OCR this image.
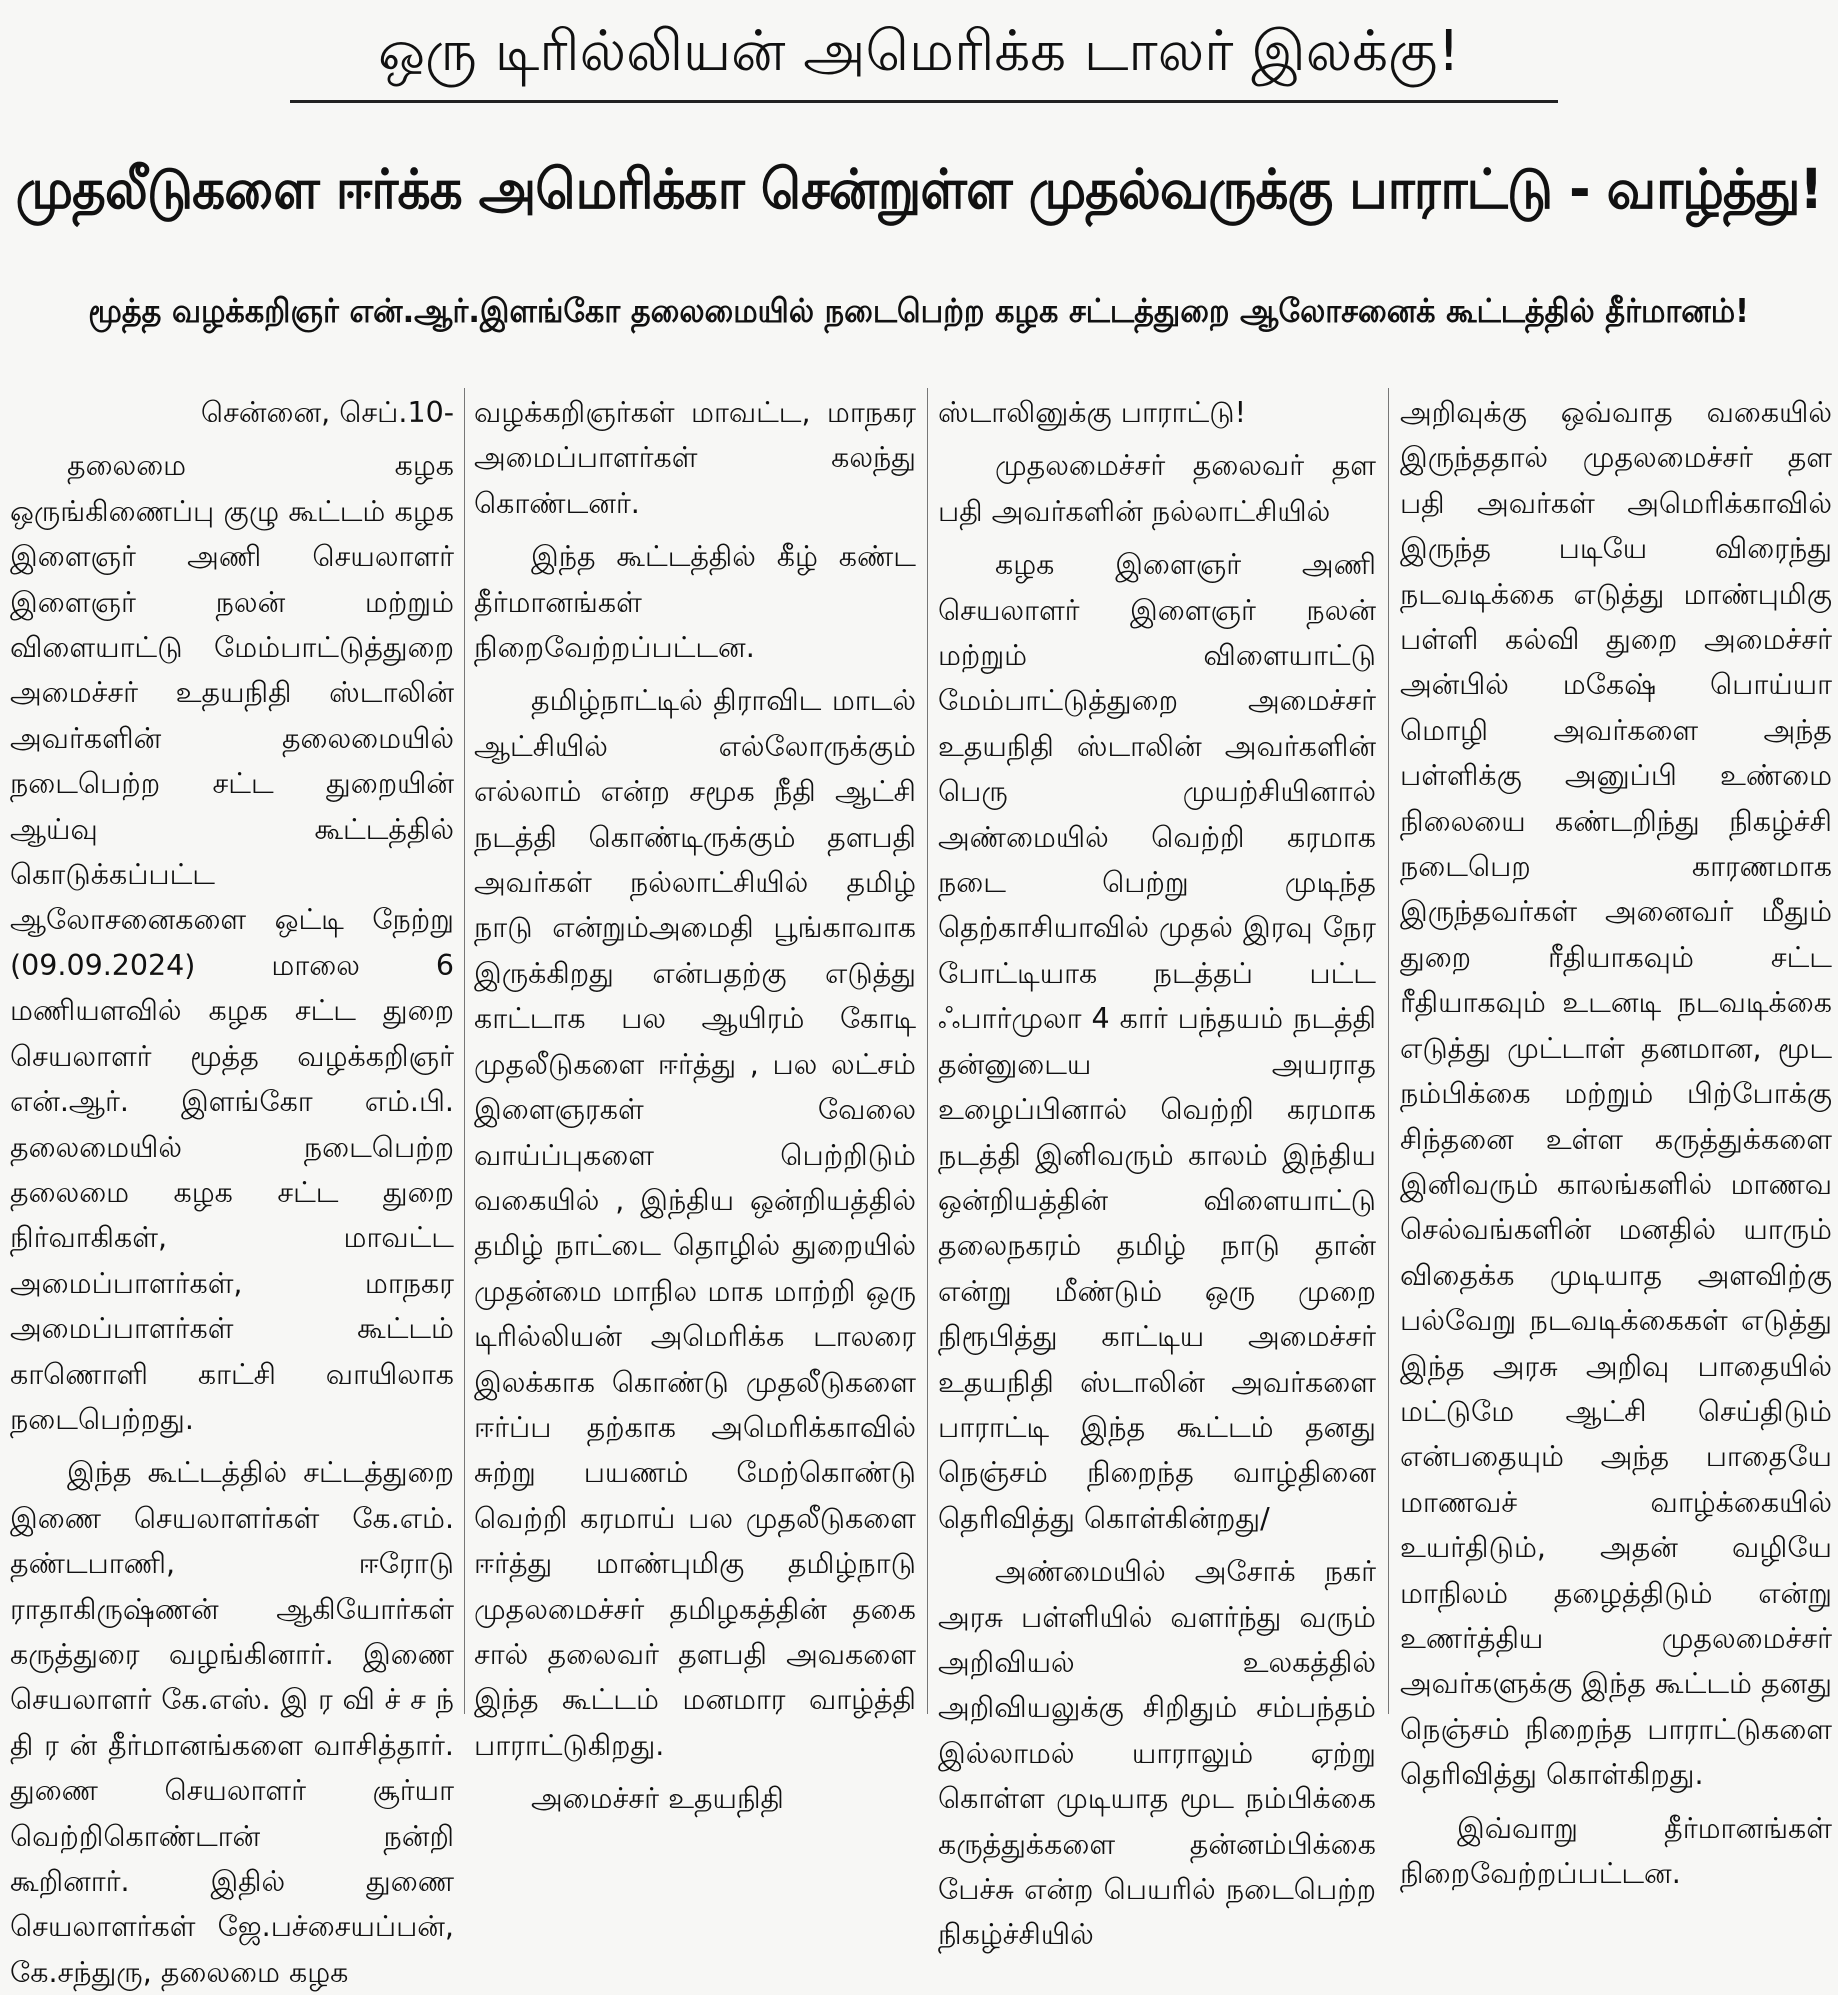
ஒரு டிரில்லியன் அமெரிக்க டாலர் இலக்கு!
முதலீடுகளை ஈர்க்க அமெரிக்கா சென்றுள்ள முதல்வருக்கு பாராட்டு - வாழ்த்து!
மூத்த வழக்கறிஞர் என்.ஆர்.இளங்கோ தலைமையில் நடைபெற்ற கழக சட்டத்துறை ஆலோசனைக் கூட்டத்தில் தீர்மானம்!

சென்னை, செப்.10-

தலைமை கழக ஒருங்கிணைப்பு குழு கூட்டம் கழக இளைஞர் அணி செயலாளர் இளைஞர் நலன் மற்றும் விளையாட்டு மேம்பாட்டுத்துறை அமைச்சர் உதயநிதி ஸ்டாலின் அவர்களின் தலைமையில் நடைபெற்ற சட்ட துறையின் ஆய்வு கூட்டத்தில் கொடுக்கப்பட்ட ஆலோசனைகளை ஒட்டி நேற்று (09.09.2024) மாலை 6 மணியளவில் கழக சட்ட துறை செயலாளர் மூத்த வழக்கறிஞர் என்.ஆர். இளங்கோ எம்.பி. தலைமையில் நடைபெற்ற தலைமை கழக சட்ட துறை நிர்வாகிகள், மாவட்ட அமைப்பாளர்கள், மாநகர அமைப்பாளர்கள் கூட்டம் காணொளி காட்சி வாயிலாக நடைபெற்றது.

இந்த கூட்டத்தில் சட்டத்துறை இணை செயலாளர்கள் கே.எம். தண்டபாணி, ஈரோடு ராதாகிருஷ்ணன் ஆகியோர்கள் கருத்துரை வழங்கினார். இணை செயலாளர் கே.எஸ். இ ர வி ச் ச ந் தி ர ன் தீர்மானங்களை வாசித்தார். துணை செயலாளர் சூர்யா வெற்றிகொண்டான் நன்றி கூறினார். இதில் துணை செயலாளர்கள் ஜே.பச்சையப்பன், கே.சந்துரு, தலைமை கழக

வழக்கறிஞர்கள் மாவட்ட, மாநகர அமைப்பாளர்கள் கலந்து கொண்டனர்.

இந்த கூட்டத்தில் கீழ் கண்ட தீர்மானங்கள் நிறைவேற்றப்பட்டன.

தமிழ்நாட்டில் திராவிட மாடல் ஆட்சியில் எல்லோருக்கும் எல்லாம் என்ற சமூக நீதி ஆட்சி நடத்தி கொண்டிருக்கும் தளபதி அவர்கள் நல்லாட்சியில் தமிழ் நாடு என்றும்அமைதி பூங்காவாக இருக்கிறது என்பதற்கு எடுத்து காட்டாக பல ஆயிரம் கோடி முதலீடுகளை ஈர்த்து , பல லட்சம் இளைஞரகள் வேலை வாய்ப்புகளை பெற்றிடும் வகையில் , இந்திய ஒன்றியத்தில் தமிழ் நாட்டை தொழில் துறையில் முதன்மை மாநில மாக மாற்றி ஒரு டிரில்லியன் அமெரிக்க டாலரை இலக்காக கொண்டு முதலீடுகளை ஈர்ப்ப தற்காக அமெரிக்காவில் சுற்று பயணம் மேற்கொண்டு வெற்றி கரமாய் பல முதலீடுகளை ஈர்த்து மாண்புமிகு தமிழ்நாடு முதலமைச்சர் தமிழகத்தின் தகை சால் தலைவர் தளபதி அவகளை இந்த கூட்டம் மனமார வாழ்த்தி பாராட்டுகிறது.

அமைச்சர் உதயநிதி

ஸ்டாலினுக்கு பாராட்டு!

முதலமைச்சர் தலைவர் தள பதி அவர்களின் நல்லாட்சியில்

கழக இளைஞர் அணி செயலாளர் இளைஞர் நலன் மற்றும் விளையாட்டு மேம்பாட்டுத்துறை அமைச்சர் உதயநிதி ஸ்டாலின் அவர்களின் பெரு முயற்சியினால் அண்மையில் வெற்றி கரமாக நடை பெற்று முடிந்த தெற்காசியாவில் முதல் இரவு நேர போட்டியாக நடத்தப் பட்ட ஃபார்முலா 4 கார் பந்தயம் நடத்தி தன்னுடைய அயராத உழைப்பினால் வெற்றி கரமாக நடத்தி இனிவரும் காலம் இந்திய ஒன்றியத்தின் விளையாட்டு தலைநகரம் தமிழ் நாடு தான் என்று மீண்டும் ஒரு முறை நிரூபித்து காட்டிய அமைச்சர் உதயநிதி ஸ்டாலின் அவர்களை பாராட்டி இந்த கூட்டம் தனது நெஞ்சம் நிறைந்த வாழ்தினை தெரிவித்து கொள்கின்றது/

அண்மையில் அசோக் நகர் அரசு பள்ளியில் வளர்ந்து வரும் அறிவியல் உலகத்தில் அறிவியலுக்கு சிறிதும் சம்பந்தம் இல்லாமல் யாராலும் ஏற்று கொள்ள முடியாத மூட நம்பிக்கை கருத்துக்களை தன்னம்பிக்கை பேச்சு என்ற பெயரில் நடைபெற்ற நிகழ்ச்சியில்

அறிவுக்கு ஒவ்வாத வகையில் இருந்ததால் முதலமைச்சர் தள பதி அவர்கள் அமெரிக்காவில் இருந்த படியே விரைந்து நடவடிக்கை எடுத்து மாண்புமிகு பள்ளி கல்வி துறை அமைச்சர் அன்பில் மகேஷ் பொய்யா மொழி அவர்களை அந்த பள்ளிக்கு அனுப்பி உண்மை நிலையை கண்டறிந்து நிகழ்ச்சி நடைபெற காரணமாக இருந்தவர்கள் அனைவர் மீதும் துறை ரீதியாகவும் சட்ட ரீதியாகவும் உடனடி நடவடிக்கை எடுத்து முட்டாள் தனமான, மூட நம்பிக்கை மற்றும் பிற்போக்கு சிந்தனை உள்ள கருத்துக்களை இனிவரும் காலங்களில் மாணவ செல்வங்களின் மனதில் யாரும் விதைக்க முடியாத அளவிற்கு பல்வேறு நடவடிக்கைகள் எடுத்து இந்த அரசு அறிவு பாதையில் மட்டுமே ஆட்சி செய்திடும் என்பதையும் அந்த பாதையே மாணவச் வாழ்க்கையில் உயர்திடும், அதன் வழியே மாநிலம் தழைத்திடும் என்று உணர்த்திய முதலமைச்சர் அவர்களுக்கு இந்த கூட்டம் தனது நெஞ்சம் நிறைந்த பாராட்டுகளை தெரிவித்து கொள்கிறது.

இவ்வாறு தீர்மானங்கள் நிறைவேற்றப்பட்டன.
